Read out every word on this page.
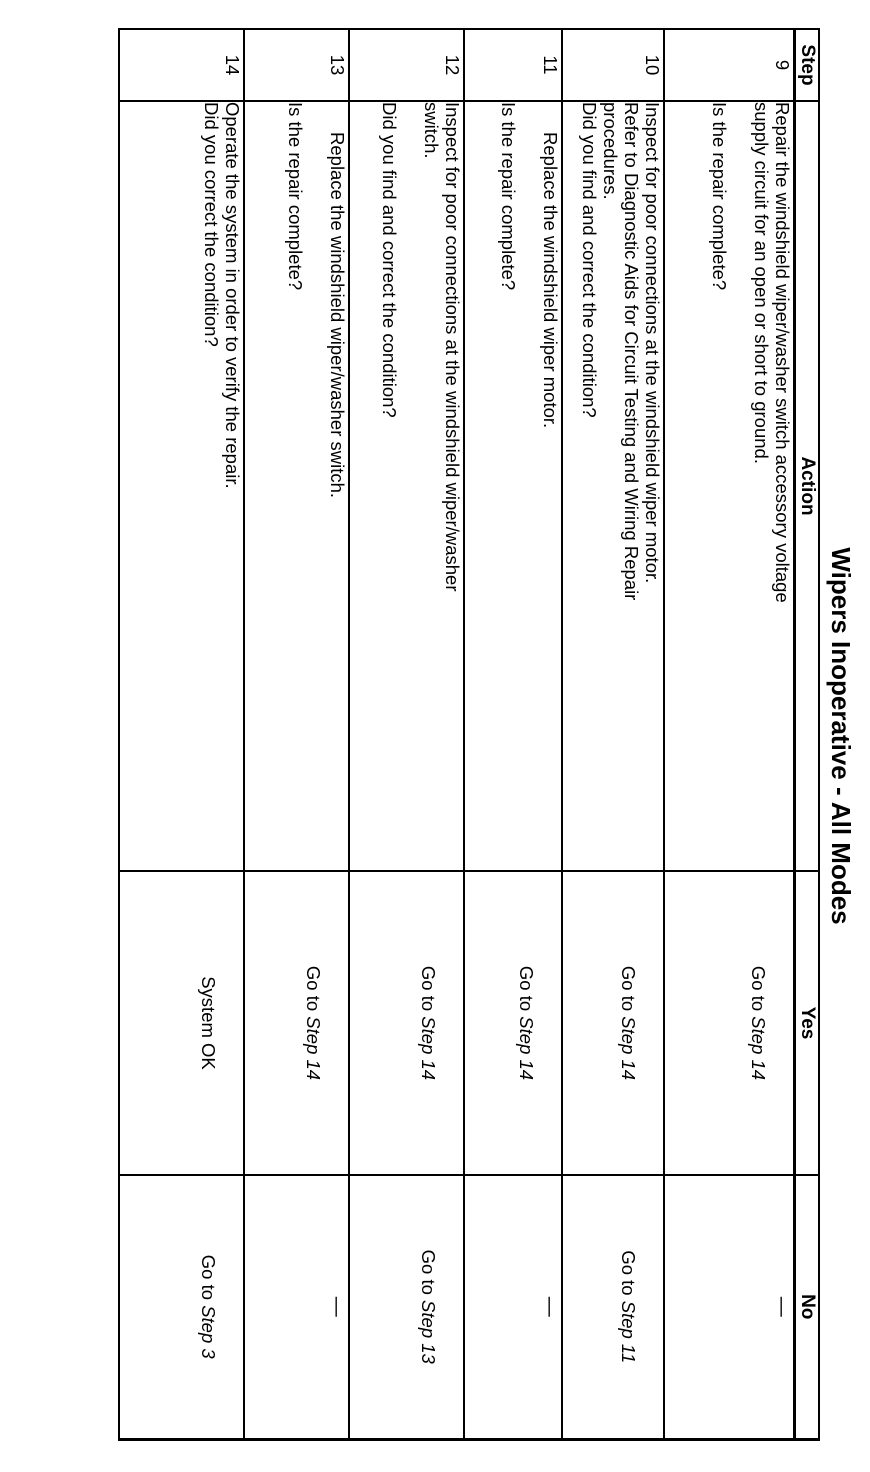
Wipers Inoperative - All Modes
Step	Action	Yes	No
9	Repair the windshield wiper/washer switch accessory voltage
supply circuit for an open or short to ground.
Is the repair complete?	Go to Step 14	—
10	Inspect for poor connections at the windshield wiper motor.
Refer to Diagnostic Aids for Circuit Testing and Wiring Repair
procedures.
Did you find and correct the condition?	Go to Step 14	Go to Step 11
11	Replace the windshield wiper motor.
Is the repair complete?	Go to Step 14	—
12	Inspect for poor connections at the windshield wiper/washer
switch.
Did you find and correct the condition?	Go to Step 14	Go to Step 13
13	Replace the windshield wiper/washer switch.
Is the repair complete?	Go to Step 14	—
14	Operate the system in order to verify the repair.
Did you correct the condition?	System OK	Go to Step 3
